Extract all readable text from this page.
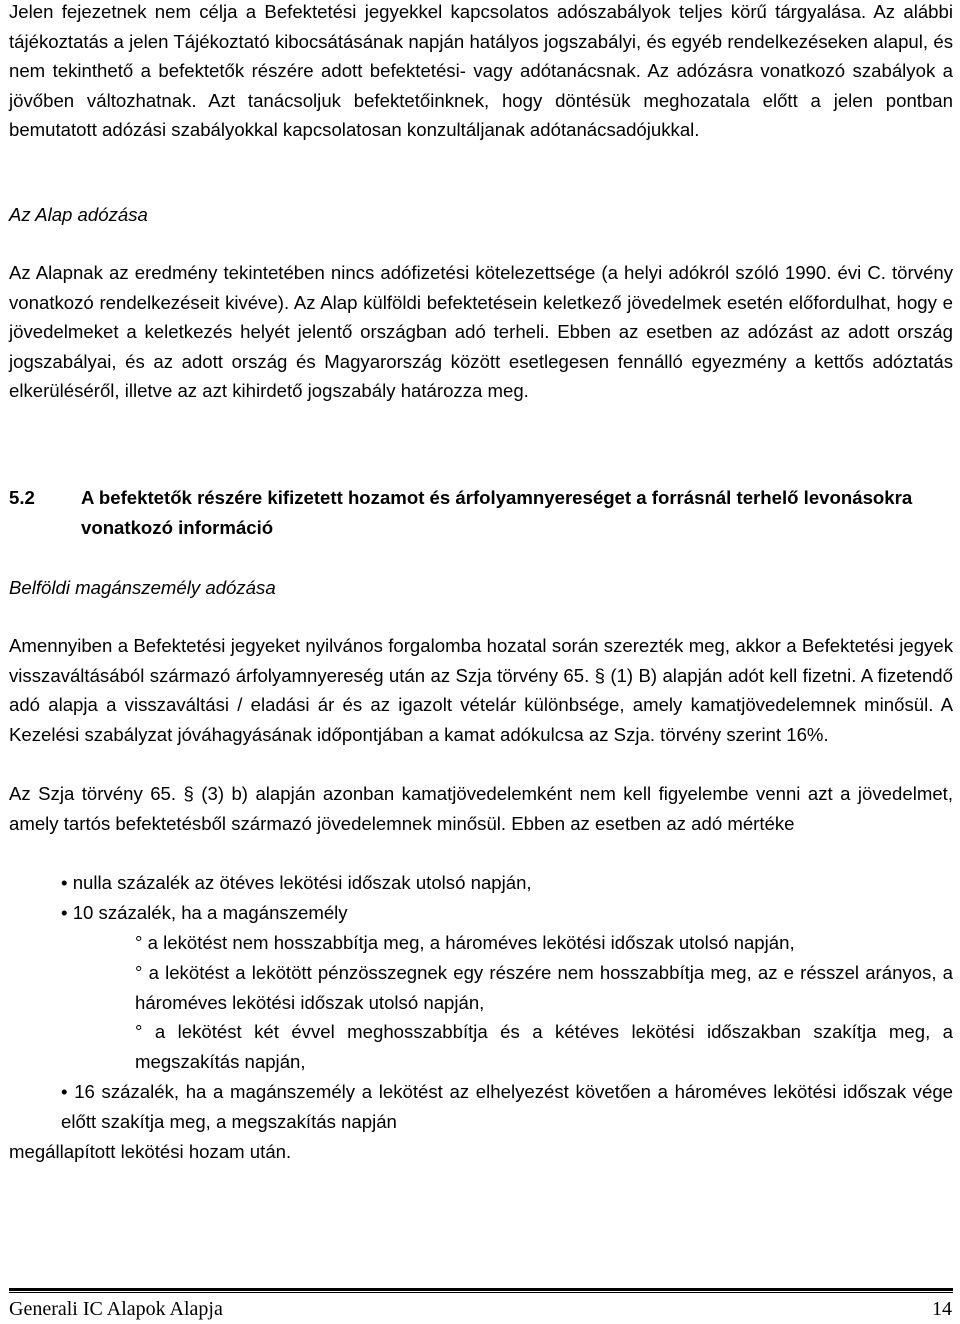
Jelen fejezetnek nem célja a Befektetési jegyekkel kapcsolatos adószabályok teljes körű tárgyalása. Az alábbi tájékoztatás a jelen Tájékoztató kibocsátásának napján hatályos jogszabályi, és egyéb rendelkezéseken alapul, és nem tekinthető a befektetők részére adott befektetési- vagy adótanácsnak. Az adózásra vonatkozó szabályok a jövőben változhatnak. Azt tanácsoljuk befektetőinknek, hogy döntésük meghozatala előtt a jelen pontban bemutatott adózási szabályokkal kapcsolatosan konzultáljanak adótanácsadójukkal.

Az Alap adózása

Az Alapnak az eredmény tekintetében nincs adófizetési kötelezettsége (a helyi adókról szóló 1990. évi C. törvény vonatkozó rendelkezéseit kivéve). Az Alap külföldi befektetésein keletkező jövedelmek esetén előfordulhat, hogy e jövedelmeket a keletkezés helyét jelentő országban adó terheli. Ebben az esetben az adózást az adott ország jogszabályai, és az adott ország és Magyarország között esetlegesen fennálló egyezmény a kettős adóztatás elkerüléséről, illetve az azt kihirdető jogszabály határozza meg.

5.2 A befektetők részére kifizetett hozamot és árfolyamnyereséget a forrásnál terhelő levonásokra vonatkozó információ

Belföldi magánszemély adózása

Amennyiben a Befektetési jegyeket nyilvános forgalomba hozatal során szerezték meg, akkor a Befektetési jegyek visszaváltásából származó árfolyamnyereség után az Szja törvény 65. § (1) B) alapján adót kell fizetni. A fizetendő adó alapja a visszaváltási / eladási ár és az igazolt vételár különbsége, amely kamatjövedelemnek minősül. A Kezelési szabályzat jóváhagyásának időpontjában a kamat adókulcsa az Szja. törvény szerint 16%.

Az Szja törvény 65. § (3) b) alapján azonban kamatjövedelemként nem kell figyelembe venni azt a jövedelmet, amely tartós befektetésből származó jövedelemnek minősül. Ebben az esetben az adó mértéke

• nulla százalék az ötéves lekötési időszak utolsó napján,
• 10 százalék, ha a magánszemély
° a lekötést nem hosszabbítja meg, a hároméves lekötési időszak utolsó napján,
° a lekötést a lekötött pénzösszegnek egy részére nem hosszabbítja meg, az e résszel arányos, a hároméves lekötési időszak utolsó napján,
° a lekötést két évvel meghosszabbítja és a kétéves lekötési időszakban szakítja meg, a megszakítás napján,
• 16 százalék, ha a magánszemély a lekötést az elhelyezést követően a hároméves lekötési időszak vége előtt szakítja meg, a megszakítás napján
megállapított lekötési hozam után.
Generali IC Alapok Alapja	14
